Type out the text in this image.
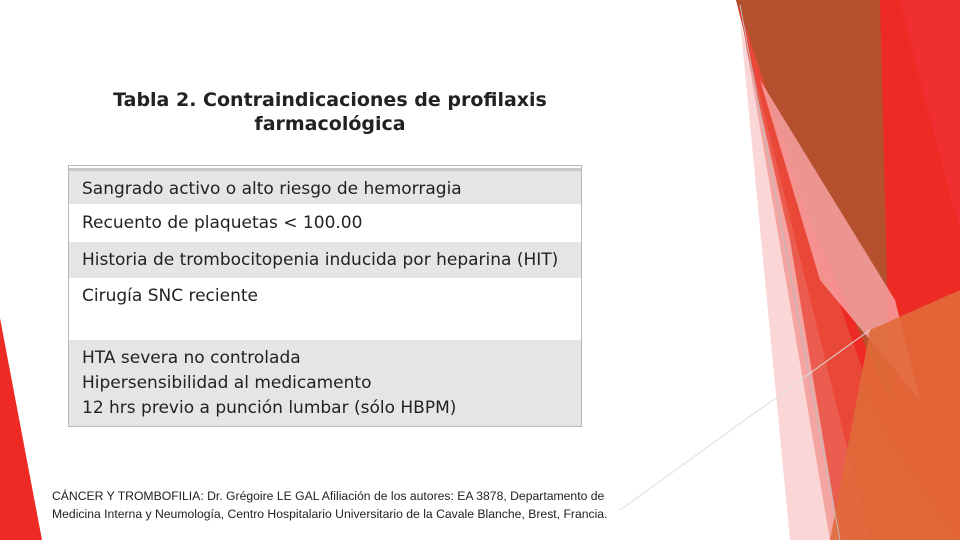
Tabla 2. Contraindicaciones de profilaxis
farmacológica
Sangrado activo o alto riesgo de hemorragia
Recuento de plaquetas < 100.00
Historia de trombocitopenia inducida por heparina (HIT)
Cirugía SNC reciente
HTA severa no controlada
Hipersensibilidad al medicamento
12 hrs previo a punción lumbar (sólo HBPM)
CÁNCER Y TROMBOFILIA: Dr. Grégoire LE GAL Afiliación de los autores: EA 3878, Departamento de
Medicina Interna y Neumología, Centro Hospitalario Universitario de la Cavale Blanche, Brest, Francia.
